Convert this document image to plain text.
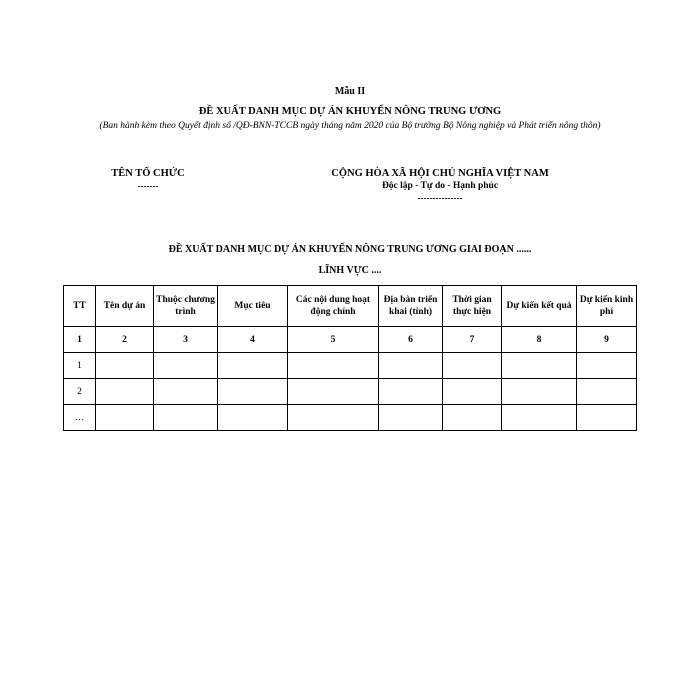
Mẫu II
ĐỀ XUẤT DANH MỤC DỰ ÁN KHUYẾN NÔNG TRUNG ƯƠNG
(Ban hành kèm theo Quyết định số /QĐ-BNN-TCCB ngày tháng năm 2020 của Bộ trưởng Bộ Nông nghiệp và Phát triển nông thôn)
TÊN TỔ CHỨC
-------
CỘNG HÒA XÃ HỘI CHỦ NGHĨA VIỆT NAM
Độc lập - Tự do - Hạnh phúc
---------------
ĐỀ XUẤT DANH MỤC DỰ ÁN KHUYẾN NÔNG TRUNG ƯƠNG GIAI ĐOẠN ......
LĨNH VỰC ....
TT	Tên dự án	Thuộc chương trình	Mục tiêu	Các nội dung hoạt động chính	Địa bàn triển khai (tỉnh)	Thời gian thực hiện	Dự kiến kết quả	Dự kiến kinh phí
1	2	3	4	5	6	7	8	9
1								
2								
…								
